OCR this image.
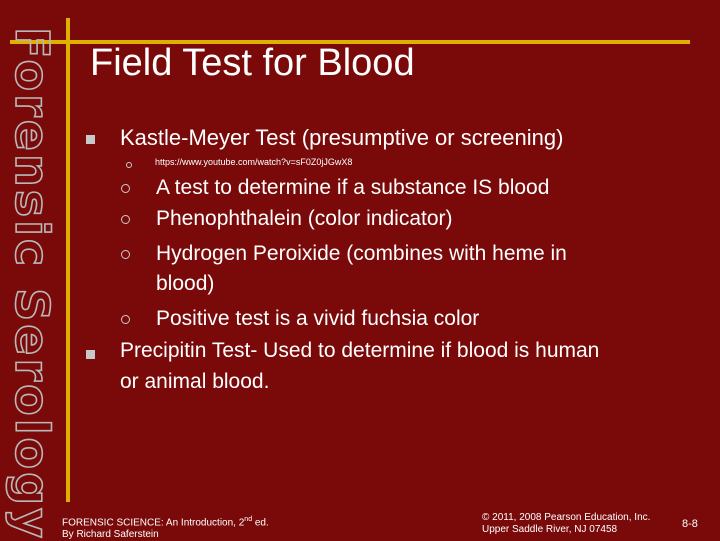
Forensic Serology Field Test for Blood
Kastle-Meyer Test (presumptive or screening)
https://www.youtube.com/watch?v=sF0Z0jJGwX8
A test to determine if a substance IS blood
Phenophthalein (color indicator)
Hydrogen Peroixide (combines with heme in
blood)
Positive test is a vivid fuchsia color
Precipitin Test- Used to determine if blood is human
or animal blood.
FORENSIC SCIENCE: An Introduction, 2nd ed.
By Richard Saferstein
© 2011, 2008 Pearson Education, Inc.
Upper Saddle River, NJ 07458	8-8
